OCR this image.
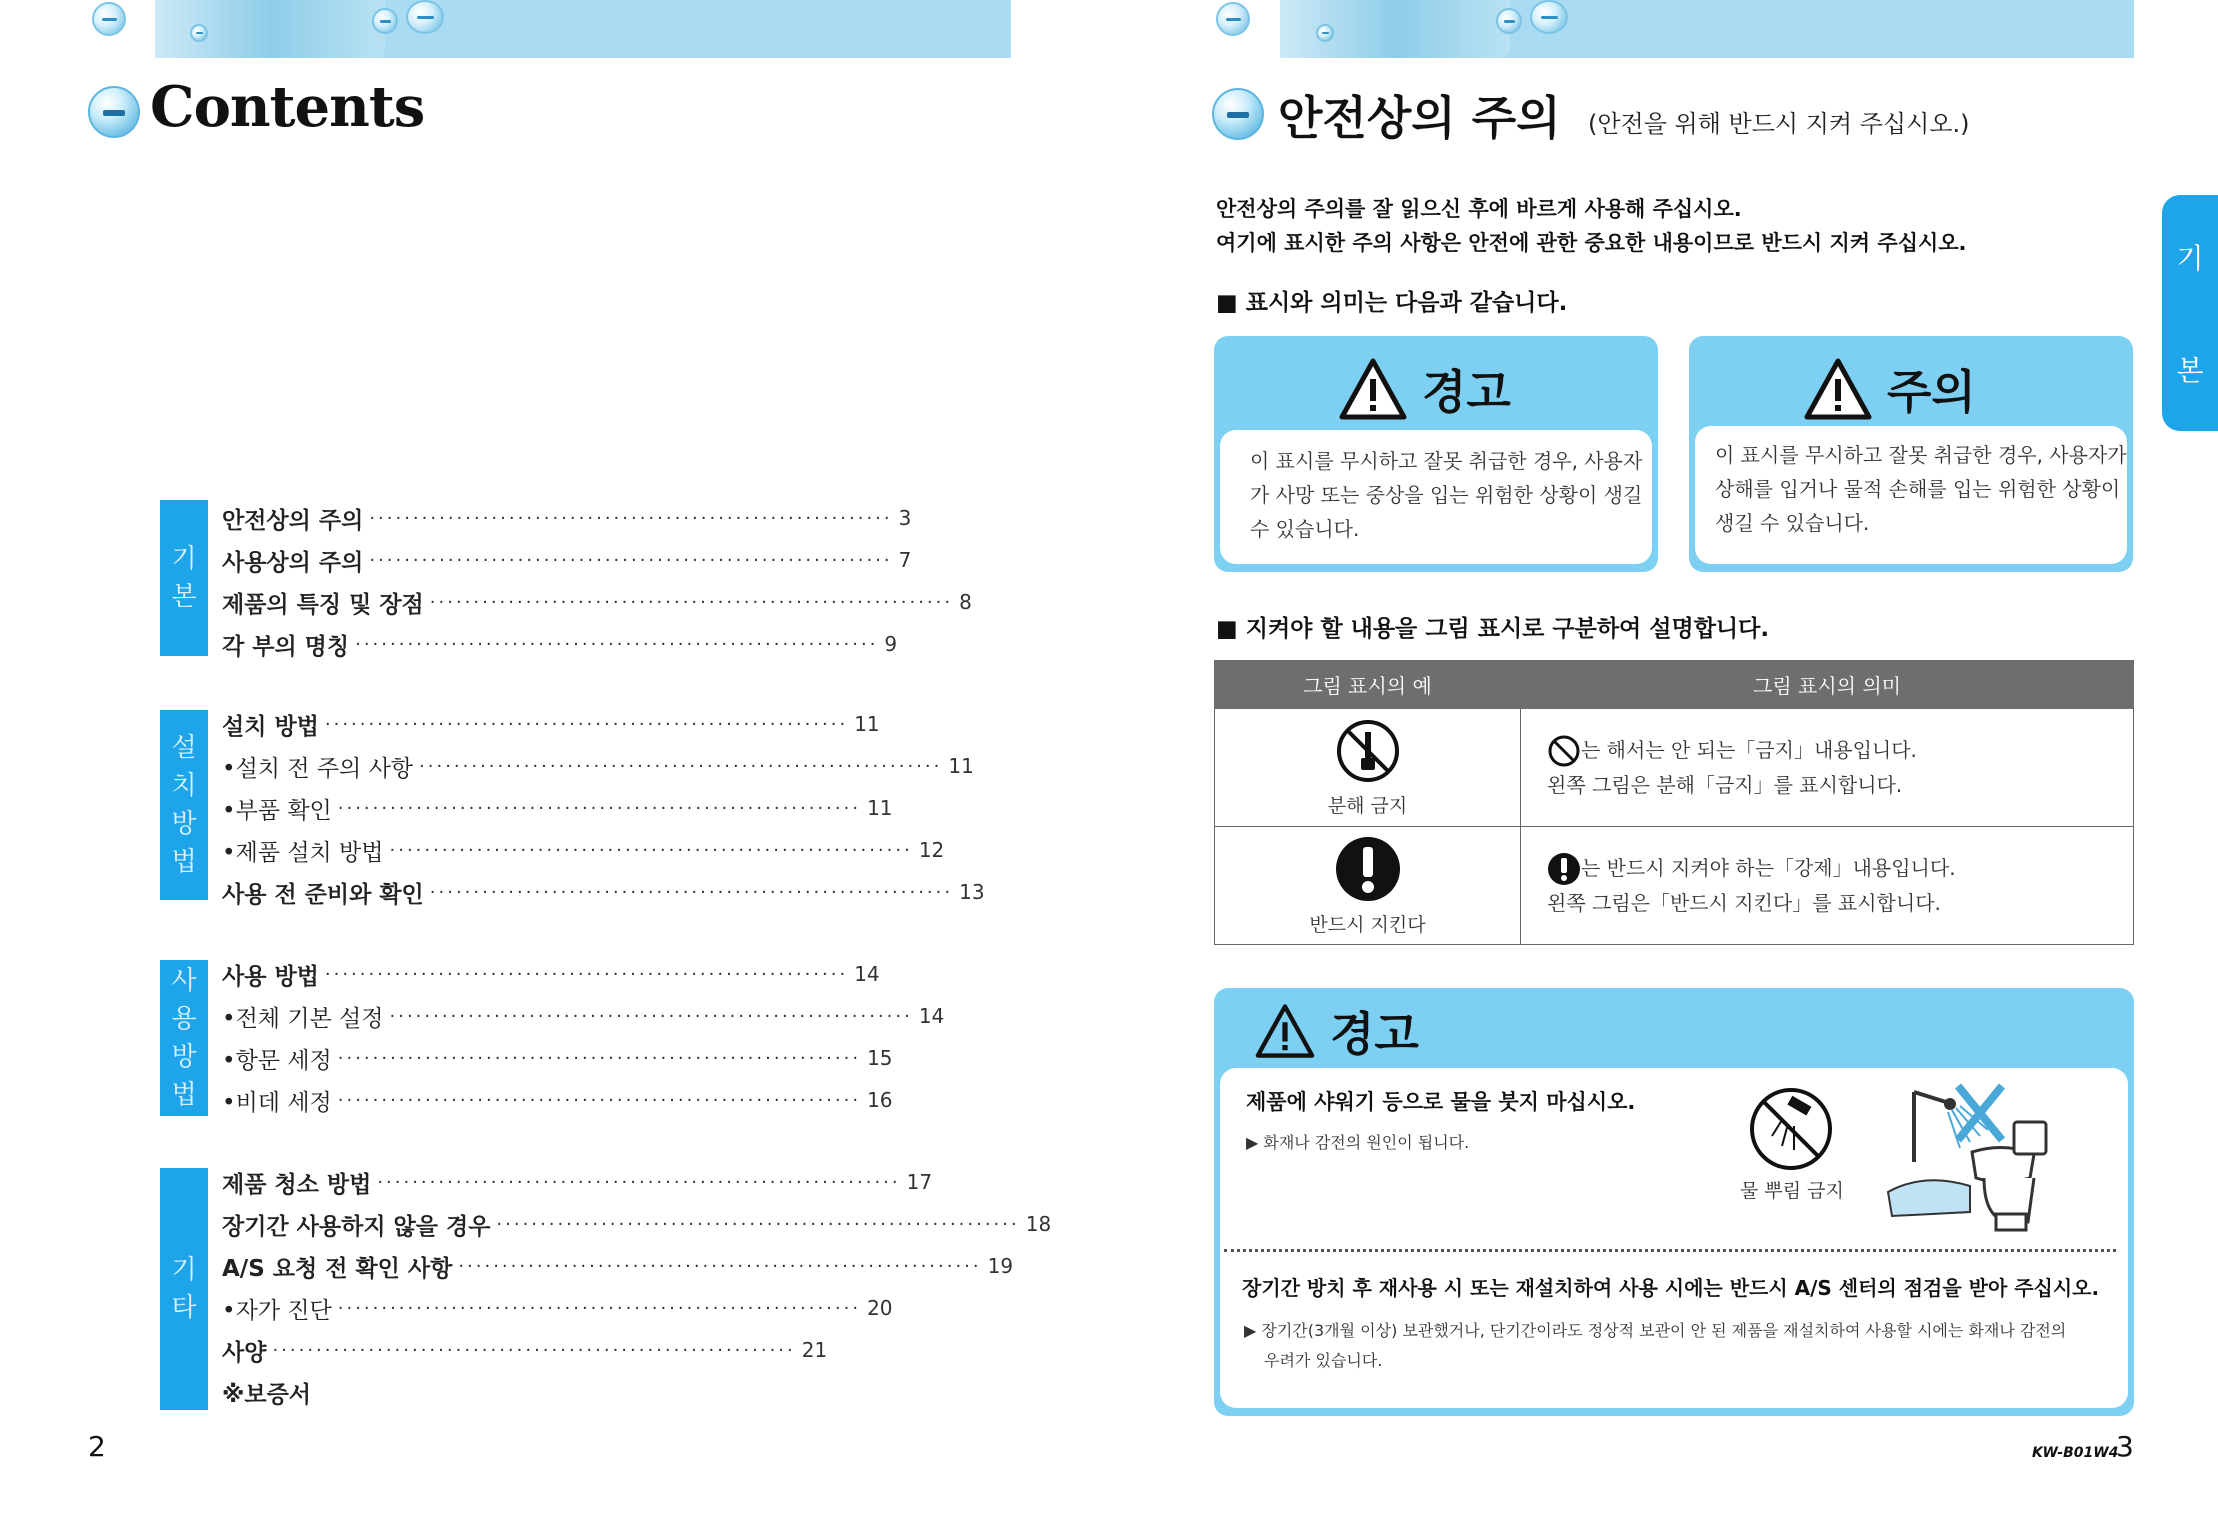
Contents
기
본
안전상의 주의 ···························································· 3
사용상의 주의 ···························································· 7
제품의 특징 및 장점 ···························································· 8
각 부의 명칭 ···························································· 9
설
치
방
법
설치 방법 ···························································· 11
•설치 전 주의 사항 ···························································· 11
•부품 확인 ···························································· 11
•제품 설치 방법 ···························································· 12
사용 전 준비와 확인 ···························································· 13
사
용
방
법
사용 방법 ···························································· 14
•전체 기본 설정 ···························································· 14
•항문 세정 ···························································· 15
•비데 세정 ···························································· 16
기
타
제품 청소 방법 ···························································· 17
장기간 사용하지 않을 경우 ···························································· 18
A/S 요청 전 확인 사항 ···························································· 19
•자가 진단 ···························································· 20
사양 ···························································· 21
※보증서
2
안전상의 주의 (안전을 위해 반드시 지켜 주십시오.)
기
본
안전상의 주의를 잘 읽으신 후에 바르게 사용해 주십시오.
여기에 표시한 주의 사항은 안전에 관한 중요한 내용이므로 반드시 지켜 주십시오.
■ 표시와 의미는 다음과 같습니다.
경고
이 표시를 무시하고 잘못 취급한 경우, 사용자
가 사망 또는 중상을 입는 위험한 상황이 생길
수 있습니다.
주의
이 표시를 무시하고 잘못 취급한 경우, 사용자가
상해를 입거나 물적 손해를 입는 위험한 상황이
생길 수 있습니다.
■ 지켜야 할 내용을 그림 표시로 구분하여 설명합니다.
그림 표시의 예	그림 표시의 의미

분해 금지	는 해서는 안 되는「금지」내용입니다.
왼쪽 그림은 분해「금지」를 표시합니다.

반드시 지킨다	는 반드시 지켜야 하는「강제」내용입니다.
왼쪽 그림은「반드시 지킨다」를 표시합니다.
경고
제품에 샤워기 등으로 물을 붓지 마십시오.
▶ 화재나 감전의 원인이 됩니다.
물 뿌림 금지
장기간 방치 후 재사용 시 또는 재설치하여 사용 시에는 반드시 A/S 센터의 점검을 받아 주십시오.
▶ 장기간(3개월 이상) 보관했거나, 단기간이라도 정상적 보관이 안 된 제품을 재설치하여 사용할 시에는 화재나 감전의
우려가 있습니다.
KW-B01W4
3
